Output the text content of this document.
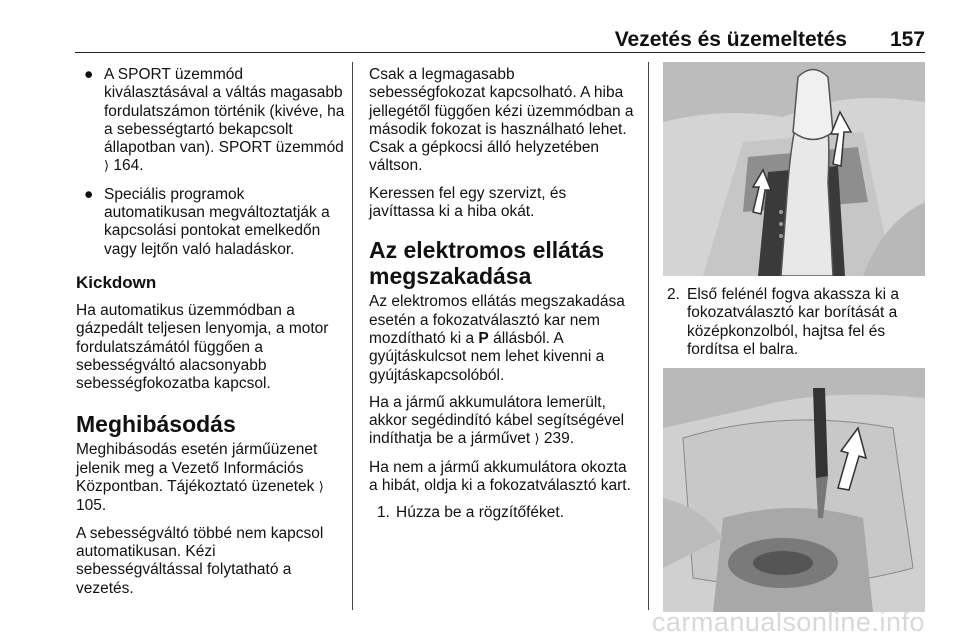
Vezetés és üzemeltetés 157
● A SPORT üzemmód kiválasztásával a váltás magasabb fordulatszámon történik (kivéve, ha a sebességtartó bekapcsolt állapotban van). SPORT üzemmód ⟩ 164.
● Speciális programok automatikusan megváltoztatják a kapcsolási pontokat emelkedőn vagy lejtőn való haladáskor.
Kickdown

Ha automatikus üzemmódban a gázpedált teljesen lenyomja, a motor fordulatszámától függően a sebességváltó alacsonyabb sebességfokozatba kapcsol.

Meghibásodás

Meghibásodás esetén járműüzenet jelenik meg a Vezető Információs Központban. Tájékoztató üzenetek ⟩ 105.

A sebességváltó többé nem kapcsol automatikusan. Kézi sebességváltással folytatható a vezetés.

Csak a legmagasabb sebességfokozat kapcsolható. A hiba jellegétől függően kézi üzemmódban a második fokozat is használható lehet. Csak a gépkocsi álló helyzetében váltson.

Keressen fel egy szervizt, és javíttassa ki a hiba okát.

Az elektromos ellátás megszakadása

Az elektromos ellátás megszakadása esetén a fokozatválasztó kar nem mozdítható ki a P állásból. A gyújtáskulcsot nem lehet kivenni a gyújtáskapcsolóból.

Ha a jármű akkumulátora lemerült, akkor segédindító kábel segítségével indíthatja be a járművet ⟩ 239.

Ha nem a jármű akkumulátora okozta a hibát, oldja ki a fokozatválasztó kart.

1. Húzza be a rögzítőféket.
2. Első felénél fogva akassza ki a fokozatválasztó kar borítását a középkonzolból, hajtsa fel és fordítsa el balra.
carmanualsonline.info
